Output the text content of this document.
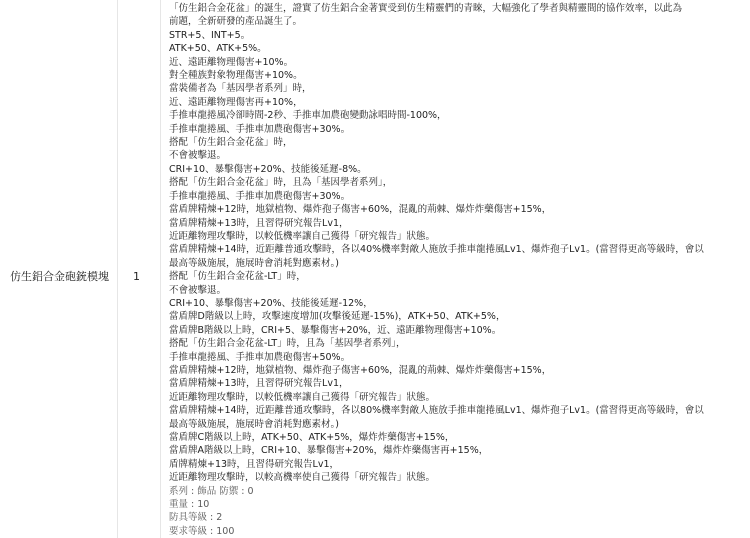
仿生鋁合金砲銃模塊 1
「仿生鋁合金花盆」的誕生，證實了仿生鋁合金著實受到仿生精靈們的青睞，大幅強化了學者與精靈間的協作效率，以此為
前題，全新研發的產品誕生了。
STR+5、INT+5。
ATK+50、ATK+5%。
近、遠距離物理傷害+10%。
對全種族對象物理傷害+10%。
當裝備者為「基因學者系列」時，
近、遠距離物理傷害再+10%，
手推車龍捲風冷卻時間-2秒、手推車加農砲變動詠唱時間-100%，
手推車龍捲風、手推車加農砲傷害+30%。
搭配「仿生鋁合金花盆」時，
不會被擊退。
CRI+10、暴擊傷害+20%、技能後延遲-8%。
搭配「仿生鋁合金花盆」時，且為「基因學者系列」，
手推車龍捲風、手推車加農砲傷害+30%。
當盾牌精煉+12時，地獄植物、爆炸孢子傷害+60%，混亂的荊棘、爆炸炸藥傷害+15%，
當盾牌精煉+13時，且習得研究報告Lv1，
近距離物理攻擊時，以較低機率讓自己獲得「研究報告」狀態。
當盾牌精煉+14時，近距離普通攻擊時，各以40%機率對敵人施放手推車龍捲風Lv1、爆炸孢子Lv1。(當習得更高等級時，會以
最高等級施展，施展時會消耗對應素材。)
搭配「仿生鋁合金花盆-LT」時，
不會被擊退。
CRI+10、暴擊傷害+20%、技能後延遲-12%，
當盾牌D階級以上時，攻擊速度增加(攻擊後延遲-15%)，ATK+50、ATK+5%，
當盾牌B階級以上時，CRI+5、暴擊傷害+20%，近、遠距離物理傷害+10%。
搭配「仿生鋁合金花盆-LT」時，且為「基因學者系列」，
手推車龍捲風、手推車加農砲傷害+50%。
當盾牌精煉+12時，地獄植物、爆炸孢子傷害+60%，混亂的荊棘、爆炸炸藥傷害+15%，
當盾牌精煉+13時，且習得研究報告Lv1，
近距離物理攻擊時，以較低機率讓自己獲得「研究報告」狀態。
當盾牌精煉+14時，近距離普通攻擊時，各以80%機率對敵人施放手推車龍捲風Lv1、爆炸孢子Lv1。(當習得更高等級時，會以
最高等級施展，施展時會消耗對應素材。)
當盾牌C階級以上時，ATK+50、ATK+5%，爆炸炸藥傷害+15%，
當盾牌A階級以上時，CRI+10、暴擊傷害+20%，爆炸炸藥傷害再+15%，
盾牌精煉+13時，且習得研究報告Lv1，
近距離物理攻擊時，以較高機率使自己獲得「研究報告」狀態。
系列 : 飾品 防禦 : 0
重量 : 10
防具等級 : 2
要求等級 : 100
